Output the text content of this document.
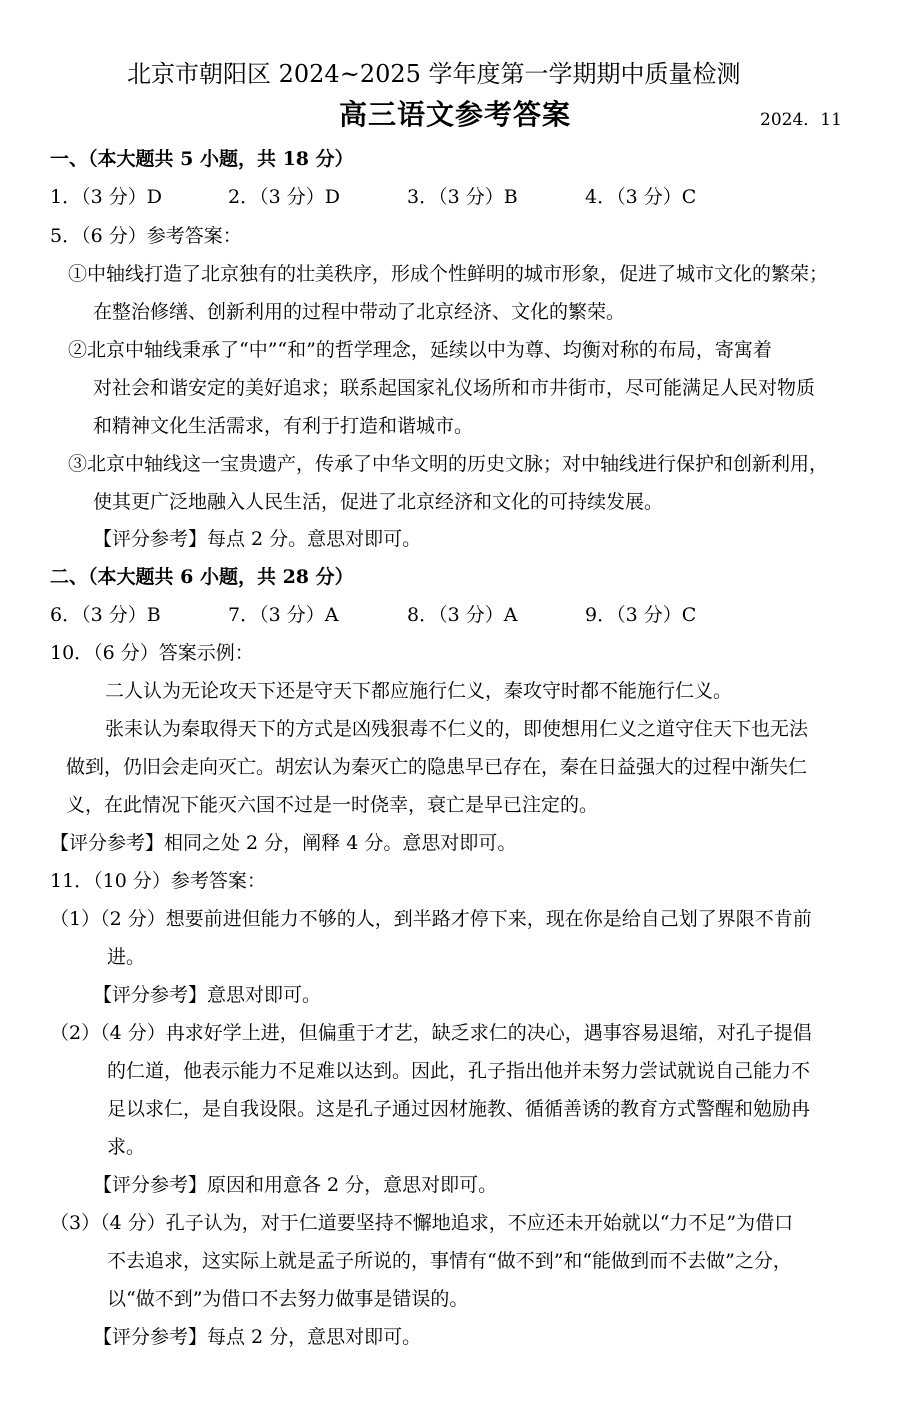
北京市朝阳区 2024~2025 学年度第一学期期中质量检测
高三语文参考答案	2024．11
一、（本大题共 5 小题，共 18 分）
1．（3 分）D	2．（3 分）D	3．（3 分）B	4．（3 分）C
5．（6 分）参考答案：
①中轴线打造了北京独有的壮美秩序，形成个性鲜明的城市形象，促进了城市文化的繁荣；
在整治修缮、创新利用的过程中带动了北京经济、文化的繁荣。
②北京中轴线秉承了“中”“和”的哲学理念，延续以中为尊、均衡对称的布局，寄寓着
对社会和谐安定的美好追求；联系起国家礼仪场所和市井街市，尽可能满足人民对物质
和精神文化生活需求，有利于打造和谐城市。
③北京中轴线这一宝贵遗产，传承了中华文明的历史文脉；对中轴线进行保护和创新利用，
使其更广泛地融入人民生活，促进了北京经济和文化的可持续发展。
【评分参考】每点 2 分。意思对即可。
二、（本大题共 6 小题，共 28 分）
6．（3 分）B	7．（3 分）A	8．（3 分）A	9．（3 分）C
10．（6 分）答案示例：
二人认为无论攻天下还是守天下都应施行仁义，秦攻守时都不能施行仁义。
张耒认为秦取得天下的方式是凶残狠毒不仁义的，即使想用仁义之道守住天下也无法
做到，仍旧会走向灭亡。胡宏认为秦灭亡的隐患早已存在，秦在日益强大的过程中渐失仁
义，在此情况下能灭六国不过是一时侥幸，衰亡是早已注定的。
【评分参考】相同之处 2 分，阐释 4 分。意思对即可。
11．（10 分）参考答案：
（1）（2 分）想要前进但能力不够的人，到半路才停下来，现在你是给自己划了界限不肯前
进。
【评分参考】意思对即可。
（2）（4 分）冉求好学上进，但偏重于才艺，缺乏求仁的决心，遇事容易退缩，对孔子提倡
的仁道，他表示能力不足难以达到。因此，孔子指出他并未努力尝试就说自己能力不
足以求仁，是自我设限。这是孔子通过因材施教、循循善诱的教育方式警醒和勉励冉
求。
【评分参考】原因和用意各 2 分，意思对即可。
（3）（4 分）孔子认为，对于仁道要坚持不懈地追求，不应还未开始就以“力不足”为借口
不去追求，这实际上就是孟子所说的，事情有“做不到”和“能做到而不去做”之分，
以“做不到”为借口不去努力做事是错误的。
【评分参考】每点 2 分，意思对即可。
